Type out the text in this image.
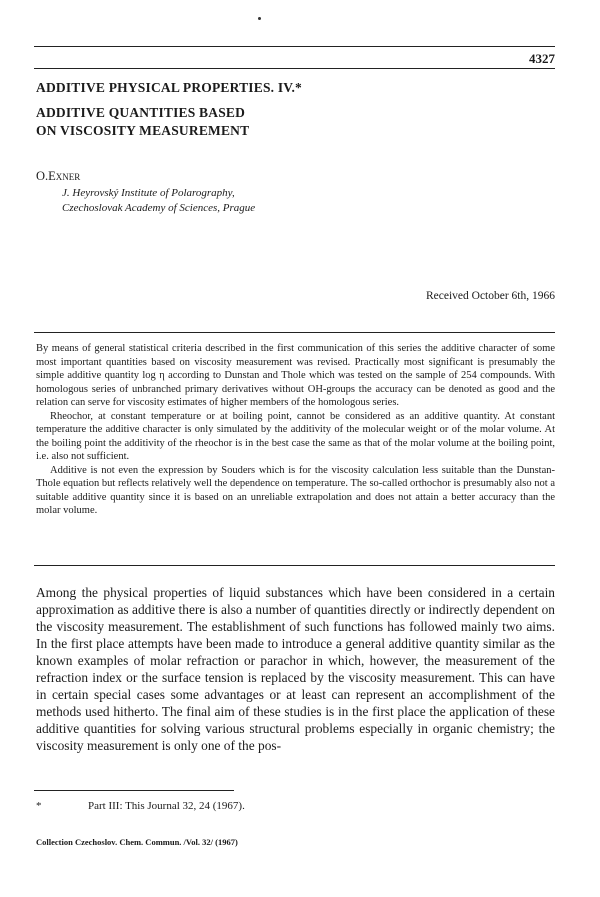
4327
ADDITIVE PHYSICAL PROPERTIES. IV.*
ADDITIVE QUANTITIES BASED
ON VISCOSITY MEASUREMENT
O.Exner
J. Heyrovský Institute of Polarography,
Czechoslovak Academy of Sciences, Prague
Received October 6th, 1966

By means of general statistical criteria described in the first communication of this series the additive character of some most important quantities based on viscosity measurement was revised. Practically most significant is presumably the simple additive quantity log η according to Dunstan and Thole which was tested on the sample of 254 compounds. With homologous series of unbranched primary derivatives without OH-groups the accuracy can be denoted as good and the relation can serve for viscosity estimates of higher members of the homologous series.

Rheochor, at constant temperature or at boiling point, cannot be considered as an additive quantity. At constant temperature the additive character is only simulated by the additivity of the molecular weight or of the molar volume. At the boiling point the additivity of the rheochor is in the best case the same as that of the molar volume at the boiling point, i.e. also not sufficient.

Additive is not even the expression by Souders which is for the viscosity calculation less suitable than the Dunstan-Thole equation but reflects relatively well the dependence on temperature. The so-called orthochor is presumably also not a suitable additive quantity since it is based on an unreliable extrapolation and does not attain a better accuracy than the molar volume.

Among the physical properties of liquid substances which have been considered in a certain approximation as additive there is also a number of quantities directly or indirectly dependent on the viscosity measurement. The establishment of such functions has followed mainly two aims. In the first place attempts have been made to introduce a general additive quantity similar as the known examples of molar refraction or parachor in which, however, the measurement of the refraction index or the surface tension is replaced by the viscosity measurement. This can have in certain special cases some advantages or at least can represent an accomplishment of the methods used hitherto. The final aim of these studies is in the first place the application of these additive quantities for solving various structural problems especially in organic chemistry; the viscosity measurement is only one of the pos-

*	Part III: This Journal 32, 24 (1967).
Collection Czechoslov. Chem. Commun. /Vol. 32/ (1967)
